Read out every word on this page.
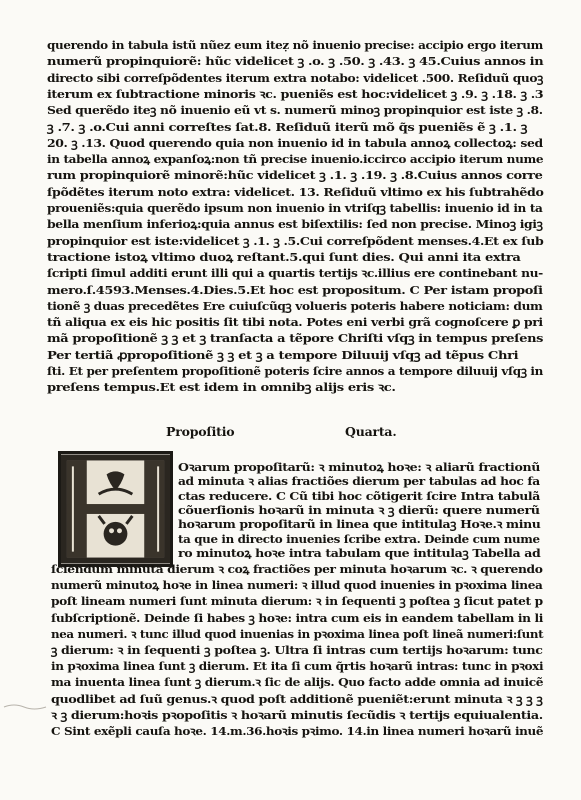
querendo in tabula istũ nũez eum iteẓ nõ inuenio precise: accipio ergo iterum
numerũ propinquiorẽ: hũc videlicet ꝫ .o. ꝫ .50. ꝫ .43. ꝫ 45.Cuius annos in
directo sibi correſpõdentes iterum extra notabo: videlicet .500. Reſiduũ quoꝫ
iterum ex ſubtractione minoris ꝛc. pueniẽs est hoc:videlicet ꝫ .9. ꝫ .18. ꝫ .3
Sed querẽdo iteꝫ nõ inuenio eũ vt s. numerũ minoꝫ propinquior est iste ꝫ .8.
ꝫ .7. ꝫ .o.Cui anni correſtes ſat.8. Reſiduũ iterũ mõ q̃s pueniẽs ẽ ꝫ .1. ꝫ
20. ꝫ .13. Quod querendo quia non inuenio id in tabula annoꝝ collectoꝝ: sed
in tabella annoꝝ expanſoꝝ:non tñ precise inuenio.iccirco accipio iterum nume
rum propinquiorẽ minorẽ:hũc videlicet ꝫ .1. ꝫ .19. ꝫ .8.Cuius annos corre
ſpõdẽtes iterum noto extra: videlicet. 13. Reſiduũ vltimo ex his ſubtrahẽdo
proueniẽs:quia querẽdo ipsum non inuenio in vtriſqꝫ tabellis: inuenio id in ta
bella menſium inferioꝝ:quia annus est biſextilis: ſed non precise. Minoꝫ igiꝫ
propinquior est iste:videlicet ꝫ .1. ꝫ .5.Cui correſpõdent menses.4.Et ex ſub
tractione istoꝝ vltimo duoꝝ reſtant.5.qui ſunt dies. Qui anni ita extra
ſcripti ſimul additi erunt illi qui a quartis tertijs ꝛc.illius ere continebant nu-
mero.ſ.4593.Menses.4.Dies.5.Et hoc est propositum. C Per istam propoſi
tionẽ ꝫ duas precedẽtes Ere cuiuſcũqꝫ volueris poteris habere noticiam: dum
tñ aliqua ex eis hic positis ſit tibi nota. Potes eni verbi grã cognoſcere ꝑ pri
mã propoſitionẽ ꝫ ꝫ et ꝫ tranſacta a tẽpore Chriſti vſqꝫ in tempus preſens
Per tertiã ꝓpropoſitionẽ ꝫ ꝫ et ꝫ a tempore Diluuij vſqꝫ ad tẽpus Chri
ſti. Et per preſentem propoſitionẽ poteris ſcire annos a tempore diluuij vſqꝫ in
preſens tempus.Et est idem in omnibꝫ alijs eris ꝛc.
Propoſitio	Quarta.
Oꝛarum propoſitarũ: ꝛ minutoꝝ hoꝛe: ꝛ aliarũ fractionũ
ad minuta ꝛ alias fractiões dierum per tabulas ad hoc fa
ctas reducere. C Cũ tibi hoc cõtigerit ſcire Intra tabulã
cõuerſionis hoꝛarũ in minuta ꝛ ꝫ dierũ: quere numerũ
hoꝛarum propoſitarũ in linea que intitulaꝫ Hoꝛe.ꝛ minu
ta que in directo inuenies ſcribe extra. Deinde cum nume
ro minutoꝝ hoꝛe intra tabulam que intitulaꝫ Tabella ad
ſciendum minuta dierum ꝛ coꝝ fractiões per minuta hoꝛarum ꝛc. ꝛ querendo
numerũ minutoꝝ hoꝛe in linea numeri: ꝛ illud quod inuenies in pꝛoxima linea
poſt lineam numeri ſunt minuta dierum: ꝛ in ſequenti ꝫ poſtea ꝫ ſicut patet p
ſubſcriptionẽ. Deinde ſi habes ꝫ hoꝛe: intra cum eis in eandem tabellam in li
nea numeri. ꝛ tunc illud quod inuenias in pꝛoxima linea poſt lineã numeri:ſunt
ꝫ dierum: ꝛ in ſequenti ꝫ poſtea ꝫ. Ultra ſi intras cum tertijs hoꝛarum: tunc
in pꝛoxima linea ſunt ꝫ dierum. Et ita ſi cum q̃rtis hoꝛarũ intras: tunc in pꝛoxi
ma inuenta linea ſunt ꝫ dierum.ꝛ ſic de alijs. Quo facto adde omnia ad inuicẽ
quodlibet ad ſuũ genus.ꝛ quod poſt additionẽ pueniẽt:erunt minuta ꝛ ꝫ ꝫ ꝫ
ꝛ ꝫ dierum:hoꝛis pꝛopoſitis ꝛ hoꝛarũ minutis ſecũdis ꝛ tertijs equiualentia.
C Sint exẽpli cauſa hoꝛe. 14.m.36.hoꝛis pꝛimo. 14.in linea numeri hoꝛarũ inuẽ
